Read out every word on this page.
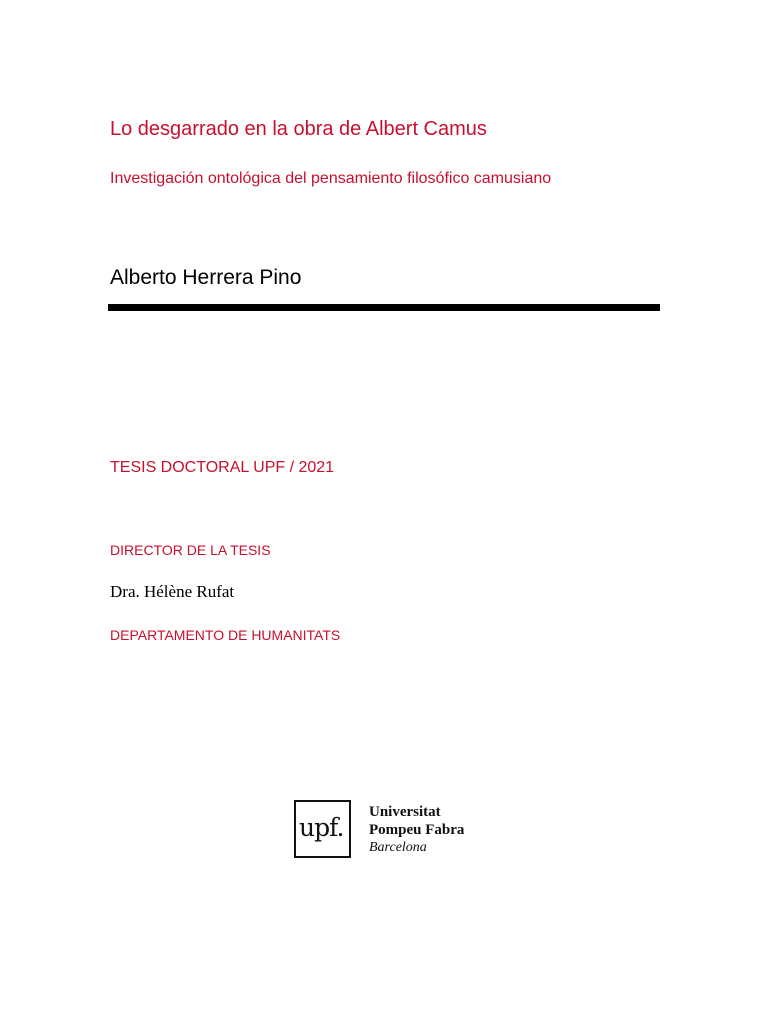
Lo desgarrado en la obra de Albert Camus
Investigación ontológica del pensamiento filosófico camusiano
Alberto Herrera Pino
TESIS DOCTORAL UPF / 2021
DIRECTOR DE LA TESIS
Dra. Hélène Rufat
DEPARTAMENTO DE HUMANITATS
upf.
Universitat
Pompeu Fabra
Barcelona
